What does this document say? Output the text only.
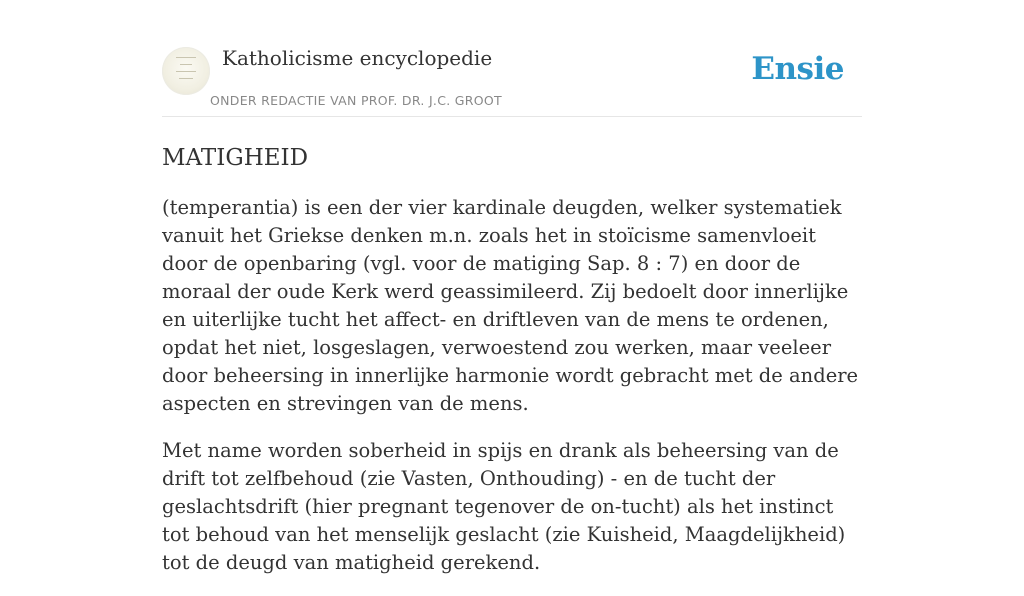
Katholicisme encyclopedie
ONDER REDACTIE VAN PROF. DR. J.C. GROOT
Ensie
MATIGHEID

(temperantia) is een der vier kardinale deugden, welker systematiek vanuit het Griekse denken m.n. zoals het in stoïcisme samenvloeit door de openbaring (vgl. voor de matiging Sap. 8 : 7) en door de moraal der oude Kerk werd geassimileerd. Zij bedoelt door innerlijke en uiterlijke tucht het affect- en driftleven van de mens te ordenen, opdat het niet, losgeslagen, verwoestend zou werken, maar veeleer door beheersing in innerlijke harmonie wordt gebracht met de andere aspecten en strevingen van de mens.

Met name worden soberheid in spijs en drank als beheersing van de drift tot zelfbehoud (zie Vasten, Onthouding) - en de tucht der geslachtsdrift (hier pregnant tegenover de on-tucht) als het instinct tot behoud van het menselijk geslacht (zie Kuisheid, Maagdelijkheid) tot de deugd van matigheid gerekend.
